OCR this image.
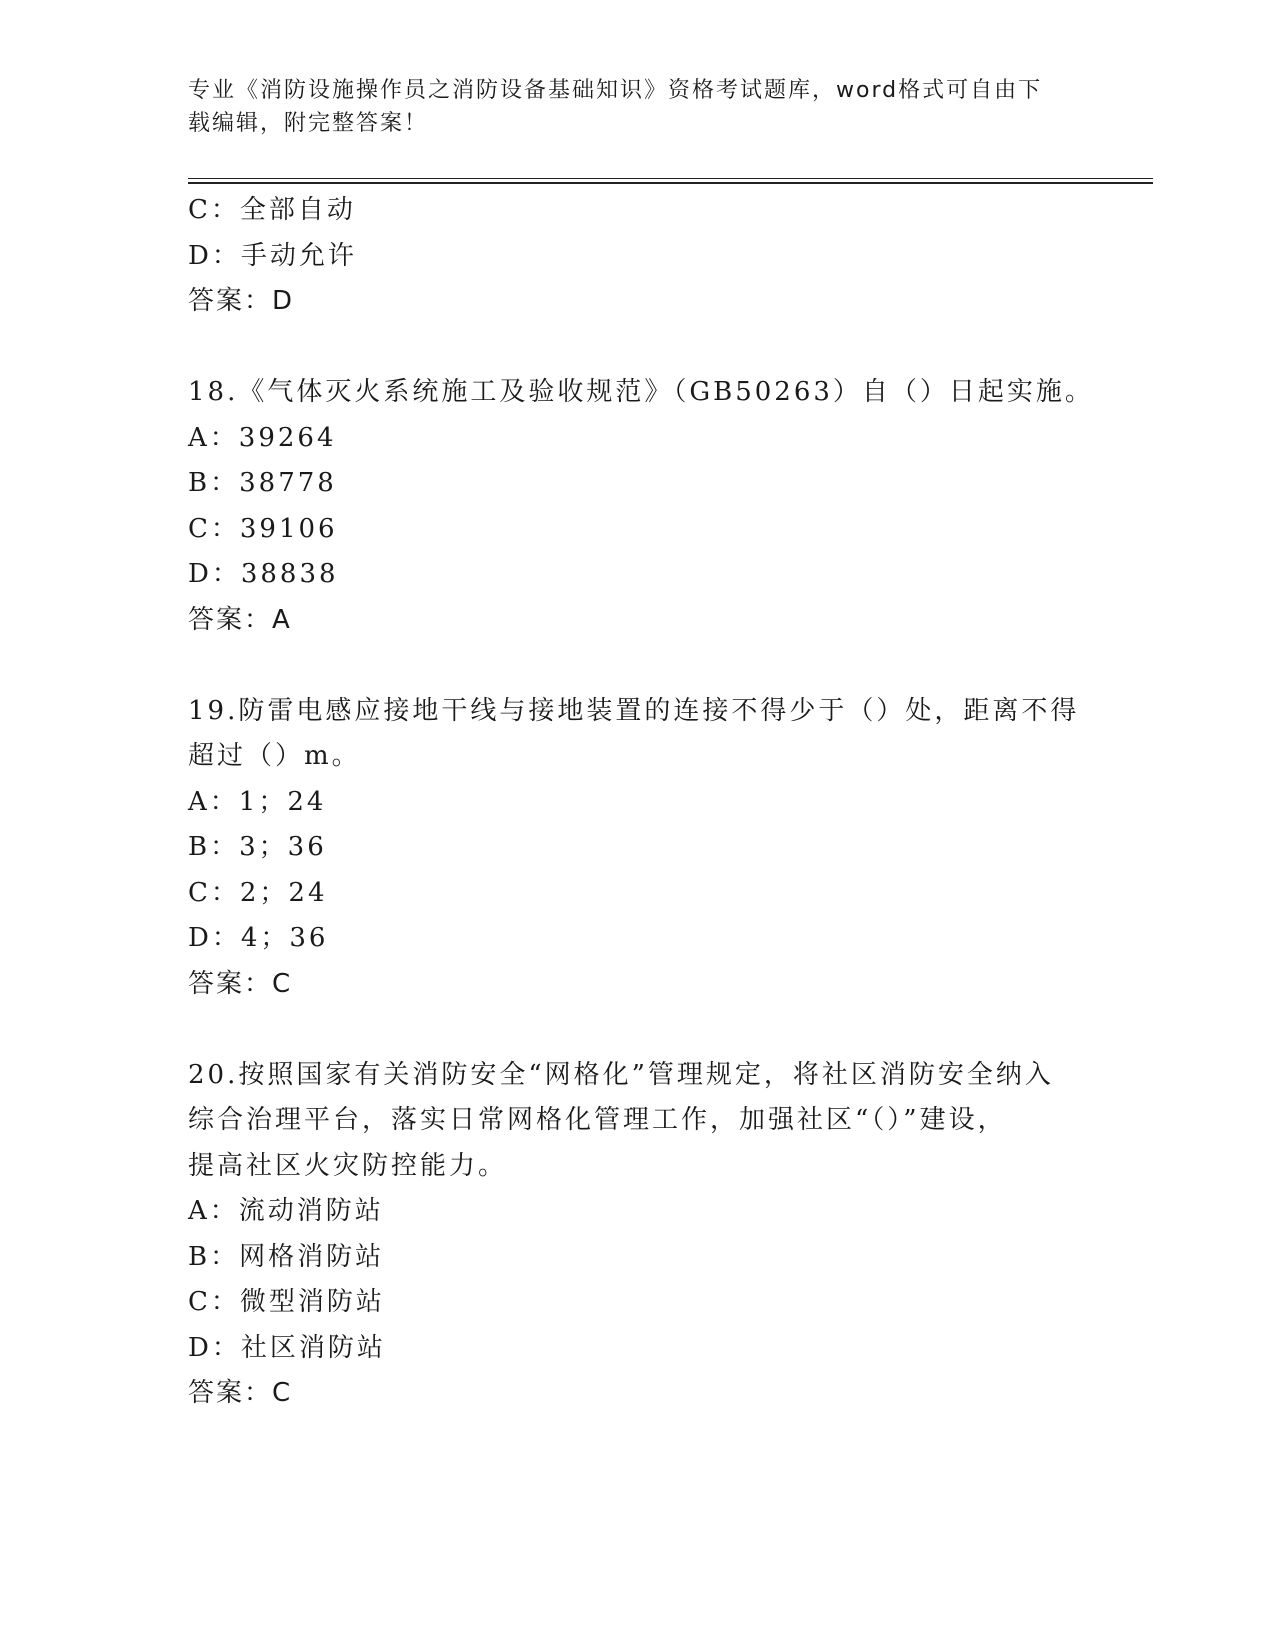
专业《消防设施操作员之消防设备基础知识》资格考试题库，word格式可自由下
载编辑，附完整答案！
C：全部自动
D：手动允许
答案：D
18.《气体灭火系统施工及验收规范》（GB50263）自（）日起实施。
A：39264
B：38778
C：39106
D：38838
答案：A
19.防雷电感应接地干线与接地装置的连接不得少于（）处，距离不得
超过（）m。
A：1；24
B：3；36
C：2；24
D：4；36
答案：C
20.按照国家有关消防安全“网格化”管理规定，将社区消防安全纳入
综合治理平台，落实日常网格化管理工作，加强社区“（）”建设，
提高社区火灾防控能力。
A：流动消防站
B：网格消防站
C：微型消防站
D：社区消防站
答案：C
